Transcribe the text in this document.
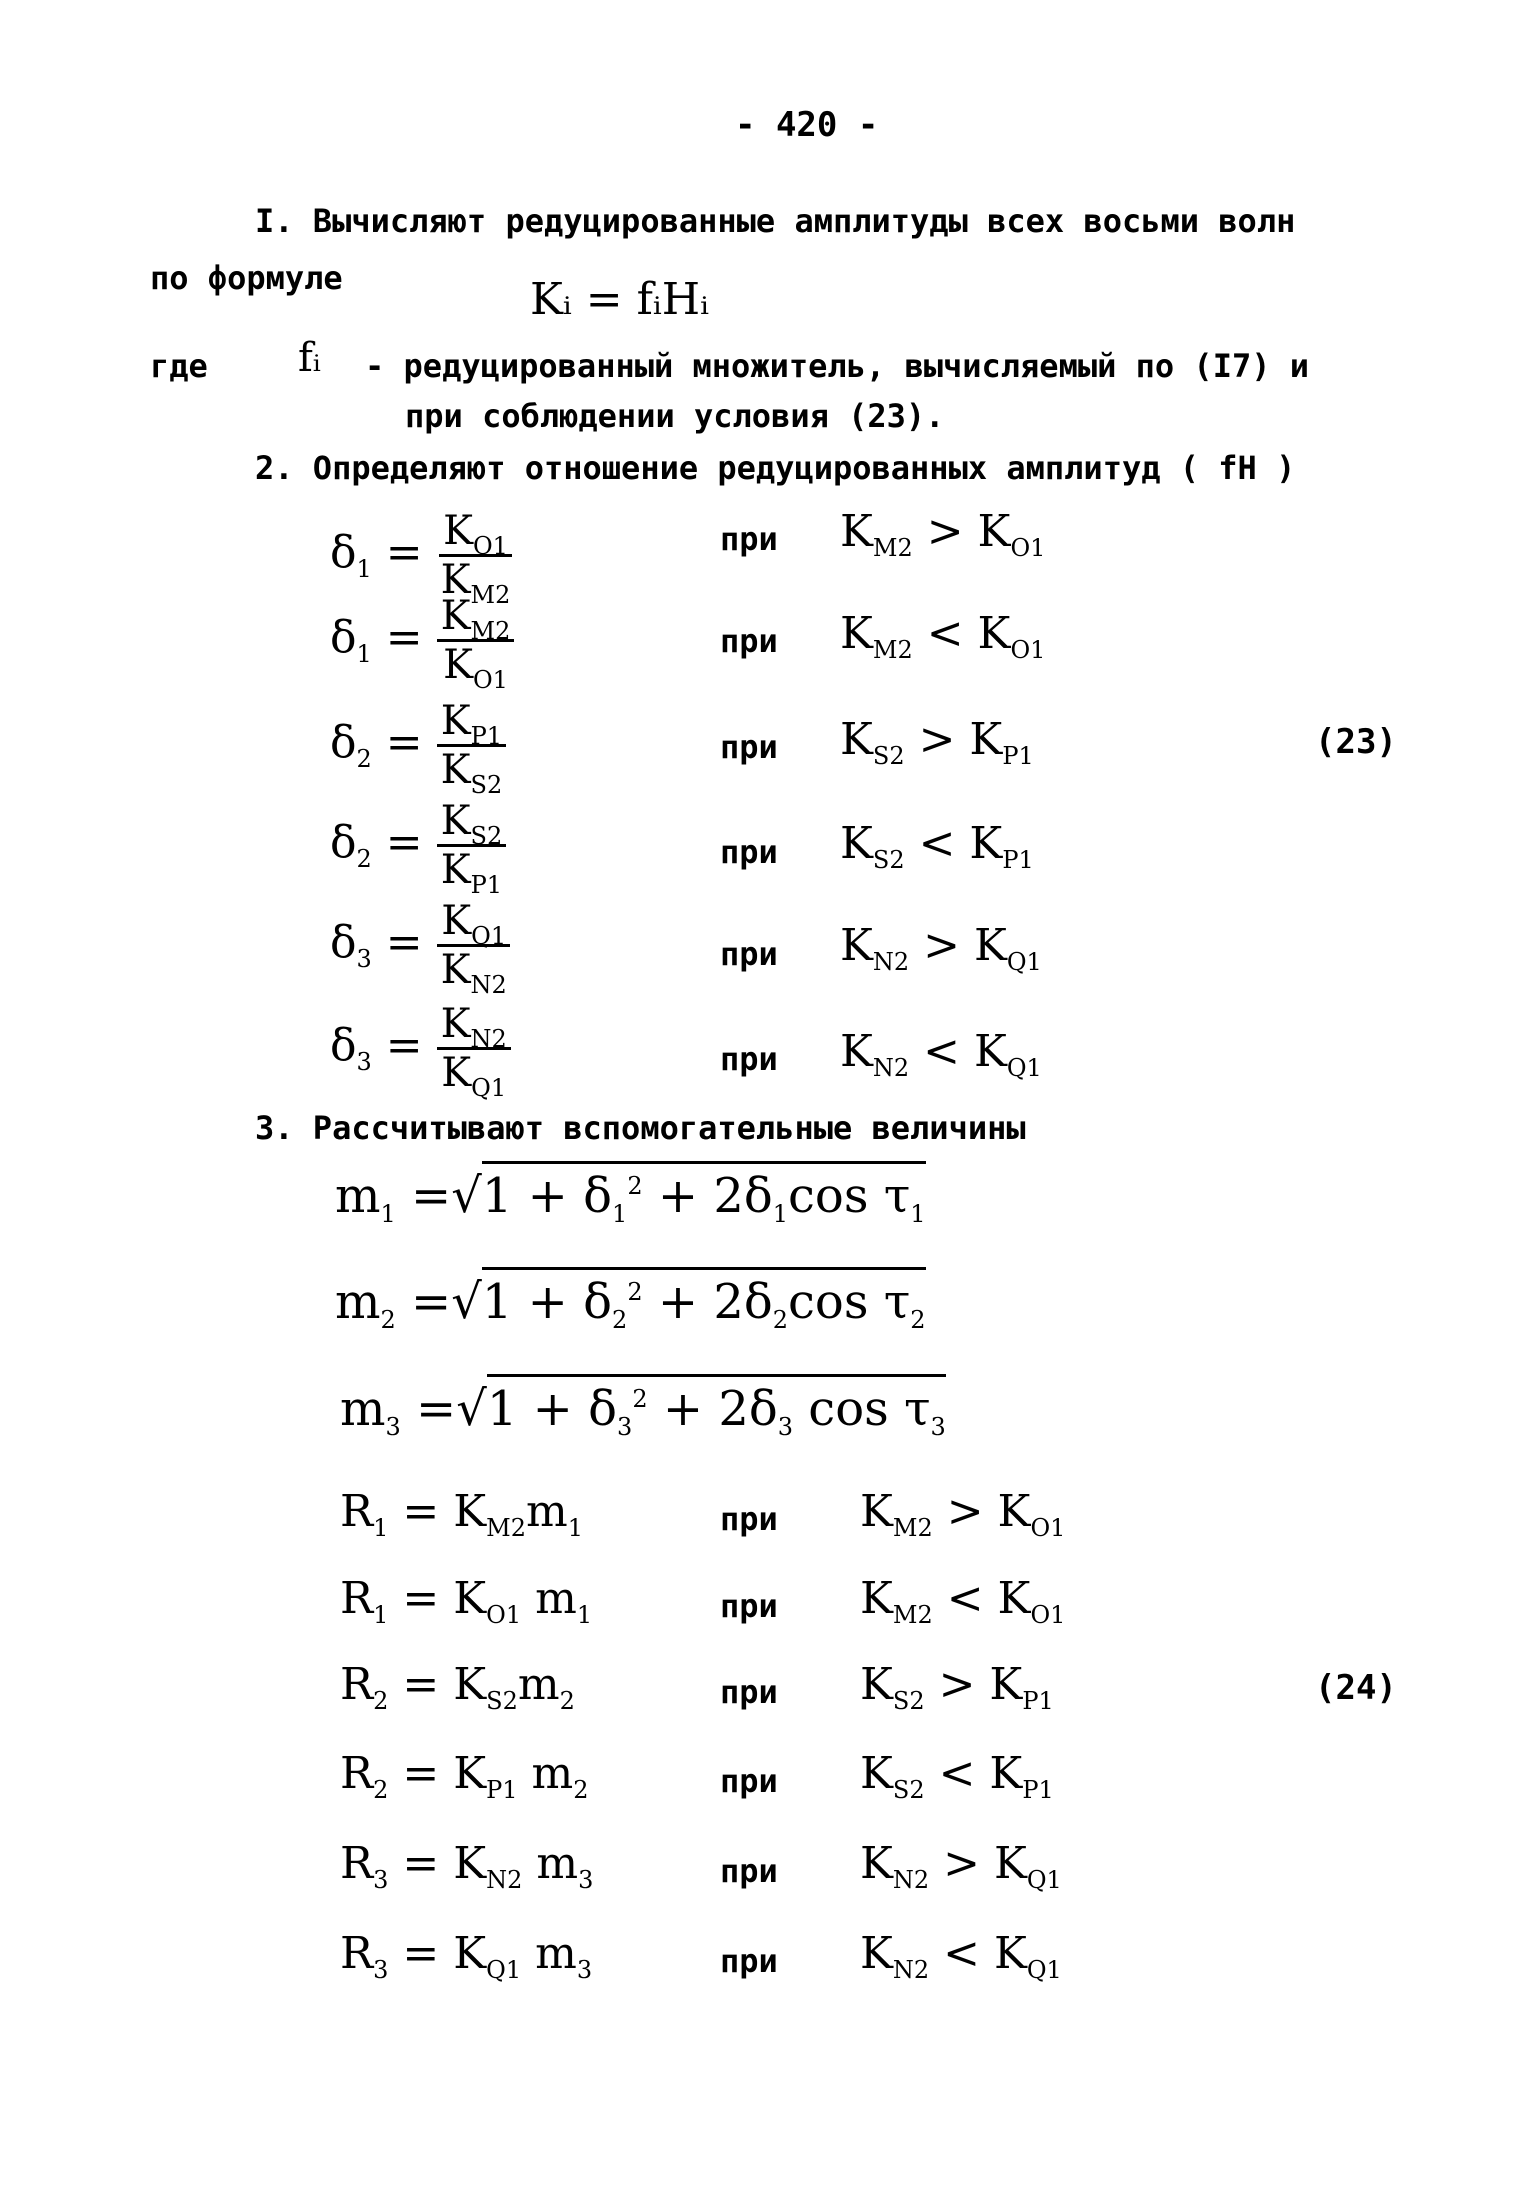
- 420 -
I. Вычисляют редуцированные амплитуды всех восьми волн
по формуле	Kᵢ = fᵢHᵢ
где fᵢ - редуцированный множитель, вычисляемый по (I7) и
при соблюдении условия (23).
2. Определяют отношение редуцированных амплитуд ( fH )
$\delta_1 = \frac{K_{O1}}{K_{M2}}$	при $K_{M2} > K_{O1}$
$\delta_1 = \frac{K_{M2}}{K_{O1}}$	при $K_{M2} < K_{O1}$
$\delta_2 = \frac{K_{P1}}{K_{S2}}$	при $K_{S2} > K_{P1}$	(23)
$\delta_2 = \frac{K_{S2}}{K_{P1}}$	при $K_{S2} < K_{P1}$
$\delta_3 = \frac{K_{Q1}}{K_{N2}}$	при $K_{N2} > K_{Q1}$
$\delta_3 = \frac{K_{N2}}{K_{Q1}}$	при $K_{N2} < K_{Q1}$
3. Рассчитывают вспомогательные величины
$m_1 =√1 + \delta_1^2 + 2\delta_1\cos$ $\tau_1$
$m_2 =√1 + \delta_2^2 + 2\delta_2\cos$ $\tau_2$
$m_3 =√1 + \delta_3^2 + 2\delta_3$ $\cos \tau_3$
$R_1 = K_{M2}m_1$	при $K_{M2} > K_{O1}$
$R_1 = K_{O1}$ $m_1$	при $K_{M2} < K_{O1}$
$R_2 = K_{S2}m_2$	при $K_{S2} > K_{P1}$	(24)
$R_2 = K_{P1}$ $m_2$	при $K_{S2} < K_{P1}$
$R_3 = K_{N2}$ $m_3$	при $K_{N2} > K_{Q1}$
$R_3 = K_{Q1}$ $m_3$	при $K_{N2} < K_{Q1}$
